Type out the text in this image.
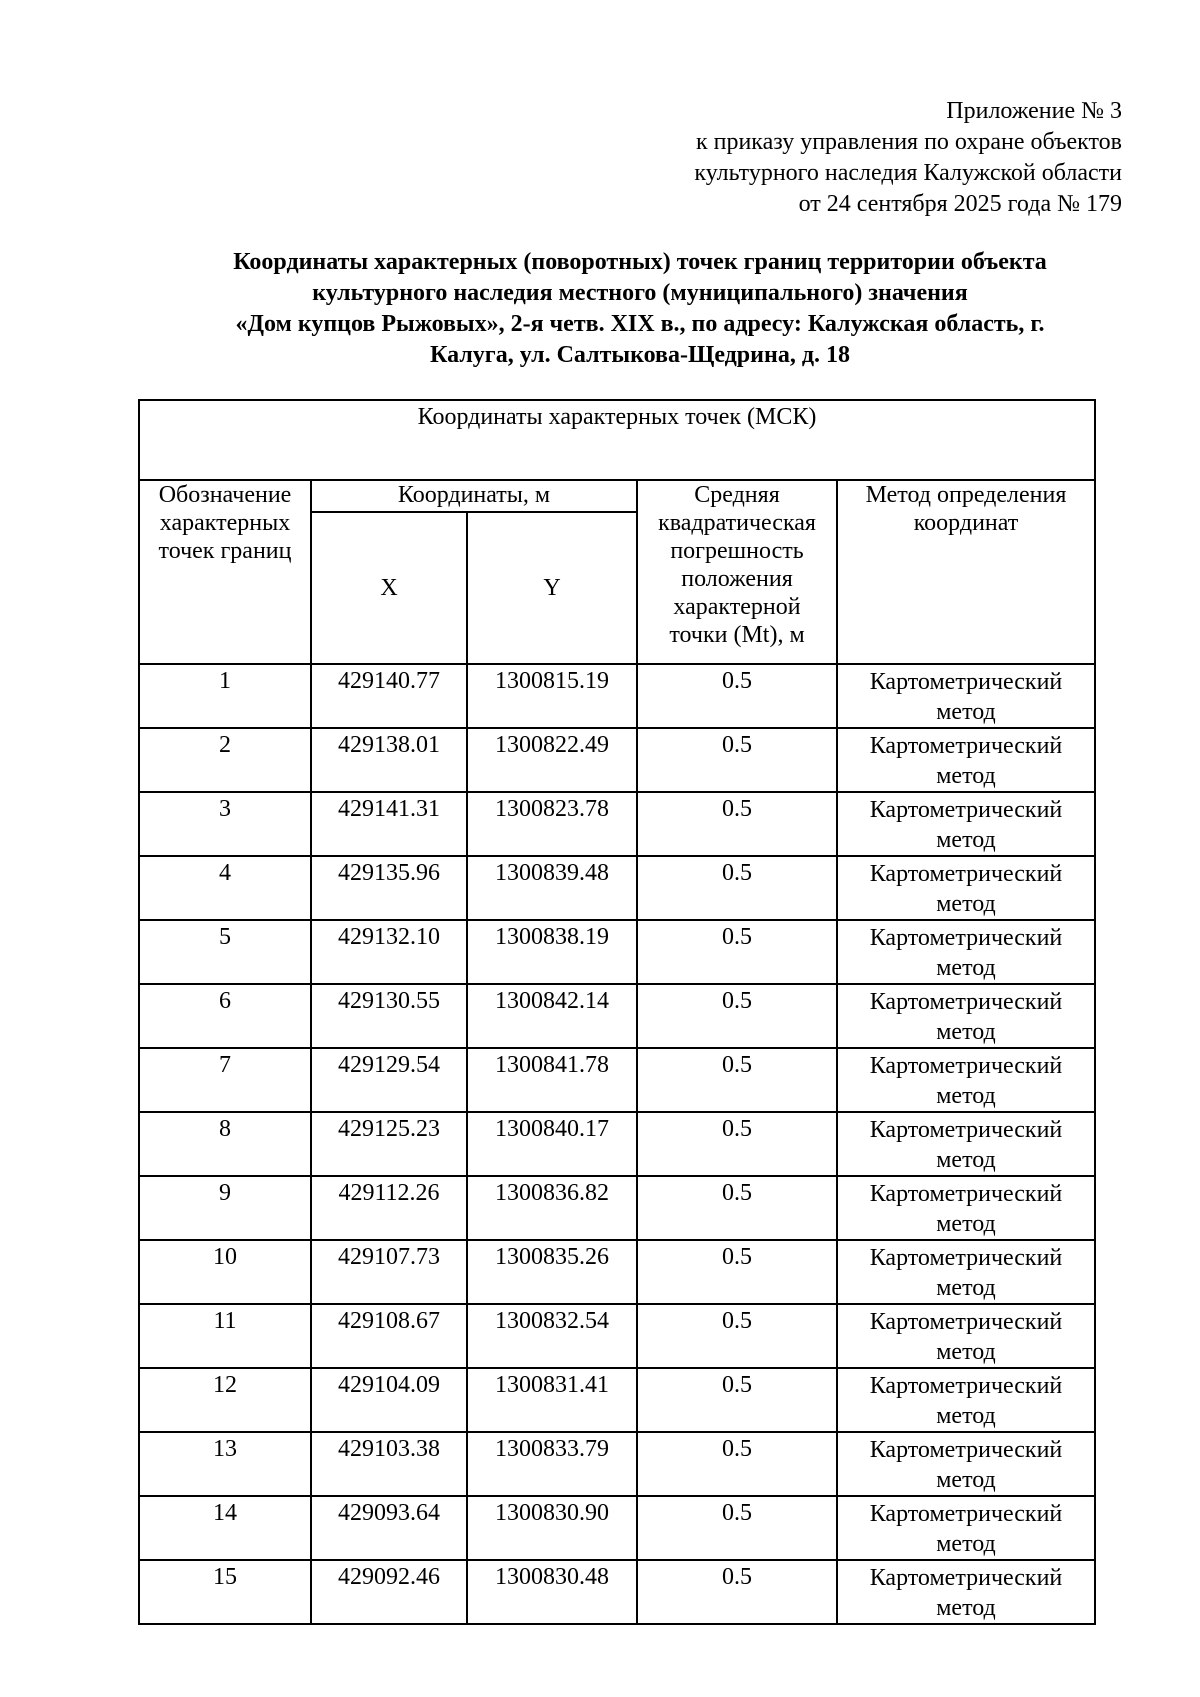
Приложение № 3
к приказу управления по охране объектов
культурного наследия Калужской области
от 24 сентября 2025 года № 179
Координаты характерных (поворотных) точек границ территории объекта
культурного наследия местного (муниципального) значения
«Дом купцов Рыжовых», 2-я четв. XIX в., по адресу: Калужская область, г.
Калуга, ул. Салтыкова-Щедрина, д. 18
Координаты характерных точек (МСК)				
Обозначение характерных точек границ	Координаты, м		Средняя квадратическая погрешность положения характерной точки (Mt), м	Метод определения координат
	X	Y		
1	429140.77	1300815.19	0.5	Картометрический
метод

2	429138.01	1300822.49	0.5	Картометрический
метод

3	429141.31	1300823.78	0.5	Картометрический
метод

4	429135.96	1300839.48	0.5	Картометрический
метод

5	429132.10	1300838.19	0.5	Картометрический
метод

6	429130.55	1300842.14	0.5	Картометрический
метод

7	429129.54	1300841.78	0.5	Картометрический
метод

8	429125.23	1300840.17	0.5	Картометрический
метод

9	429112.26	1300836.82	0.5	Картометрический
метод

10	429107.73	1300835.26	0.5	Картометрический
метод

11	429108.67	1300832.54	0.5	Картометрический
метод

12	429104.09	1300831.41	0.5	Картометрический
метод

13	429103.38	1300833.79	0.5	Картометрический
метод

14	429093.64	1300830.90	0.5	Картометрический
метод

15	429092.46	1300830.48	0.5	Картометрический
метод
